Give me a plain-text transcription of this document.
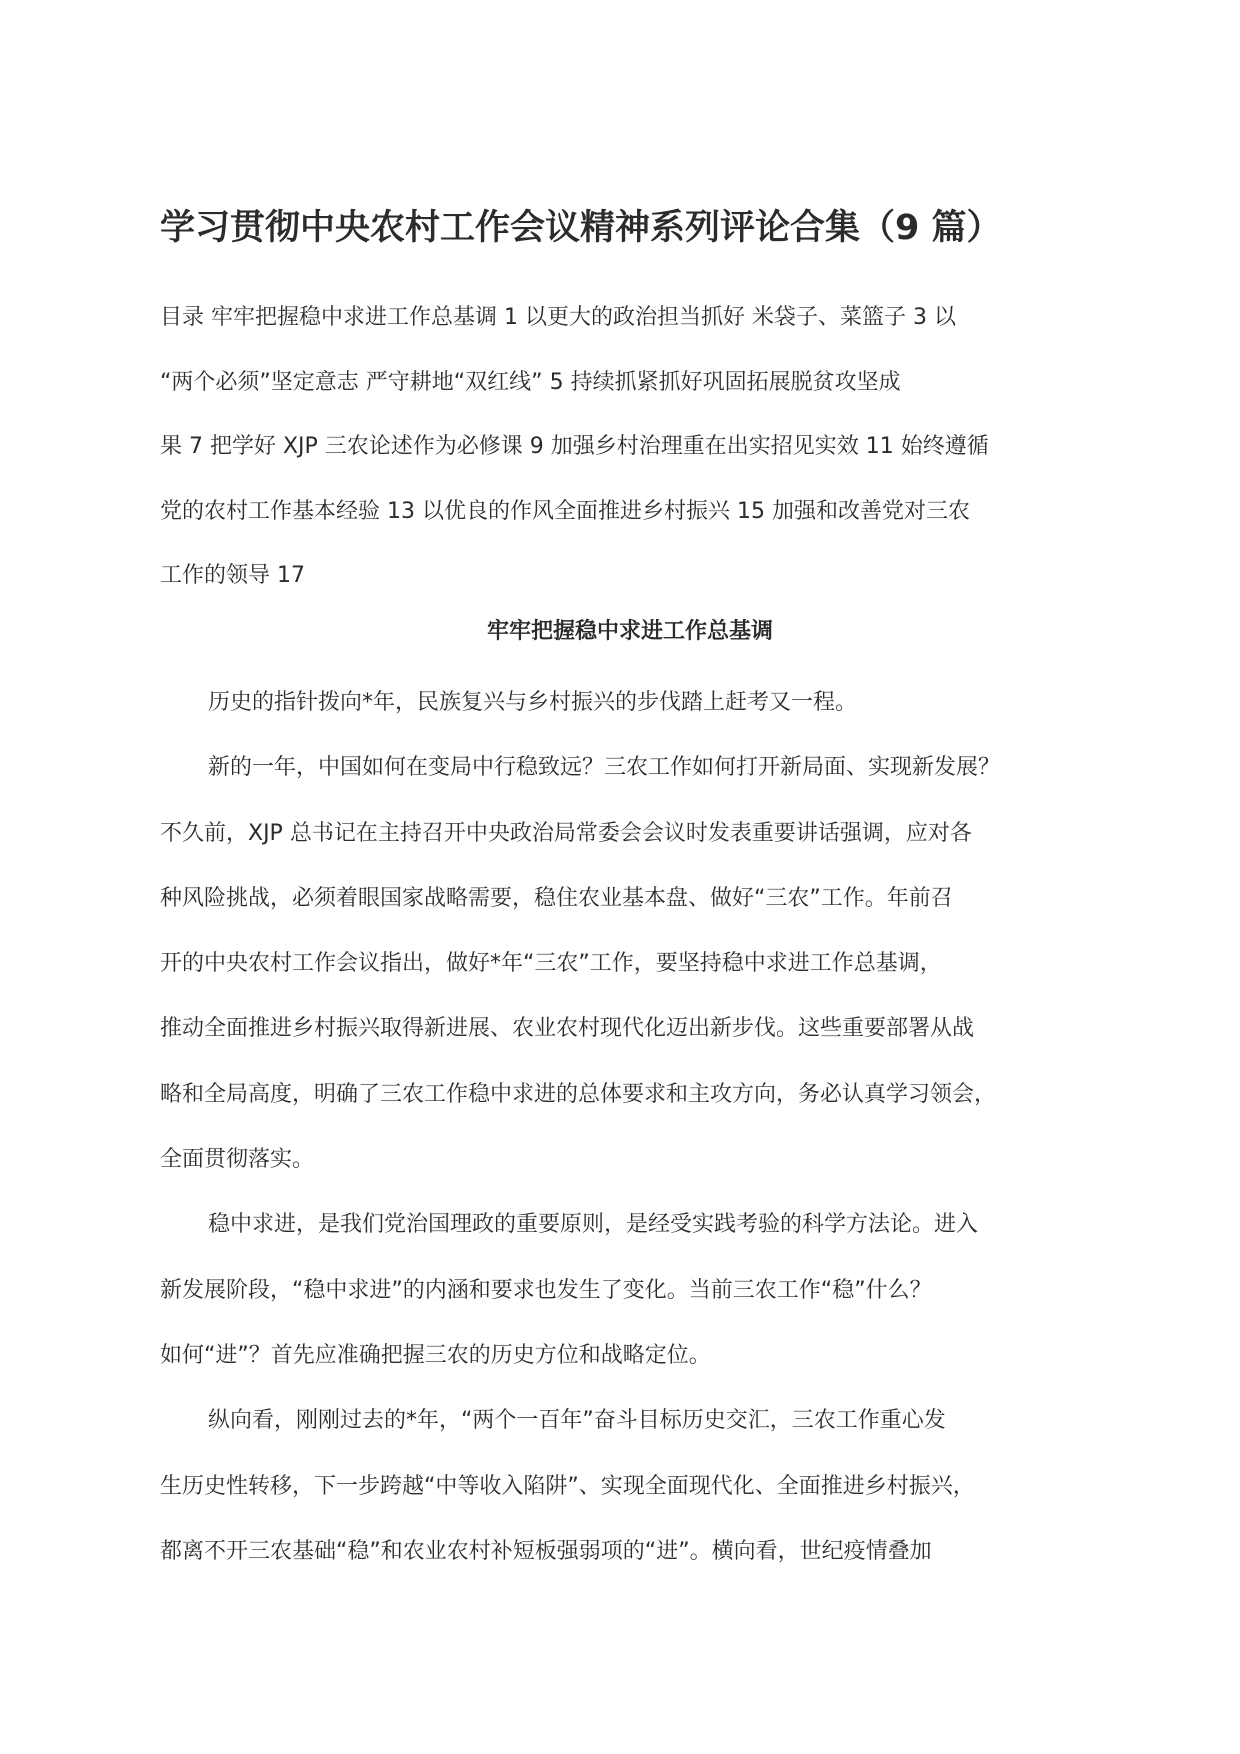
学习贯彻中央农村工作会议精神系列评论合集（9 篇）
目录 牢牢把握稳中求进工作总基调 1 以更大的政治担当抓好 米袋子、菜篮子 3 以
“两个必须”坚定意志 严守耕地“双红线” 5 持续抓紧抓好巩固拓展脱贫攻坚成
果 7 把学好 XJP 三农论述作为必修课 9 加强乡村治理重在出实招见实效 11 始终遵循
党的农村工作基本经验 13 以优良的作风全面推进乡村振兴 15 加强和改善党对三农
工作的领导 17
牢牢把握稳中求进工作总基调
历史的指针拨向*年，民族复兴与乡村振兴的步伐踏上赶考又一程。
新的一年，中国如何在变局中行稳致远？三农工作如何打开新局面、实现新发展？
不久前，XJP 总书记在主持召开中央政治局常委会会议时发表重要讲话强调，应对各
种风险挑战，必须着眼国家战略需要，稳住农业基本盘、做好“三农”工作。年前召
开的中央农村工作会议指出，做好*年“三农”工作，要坚持稳中求进工作总基调，
推动全面推进乡村振兴取得新进展、农业农村现代化迈出新步伐。这些重要部署从战
略和全局高度，明确了三农工作稳中求进的总体要求和主攻方向，务必认真学习领会，
全面贯彻落实。
稳中求进，是我们党治国理政的重要原则，是经受实践考验的科学方法论。进入
新发展阶段，“稳中求进”的内涵和要求也发生了变化。当前三农工作“稳”什么？
如何“进”？首先应准确把握三农的历史方位和战略定位。
纵向看，刚刚过去的*年，“两个一百年”奋斗目标历史交汇，三农工作重心发
生历史性转移，下一步跨越“中等收入陷阱”、实现全面现代化、全面推进乡村振兴，
都离不开三农基础“稳”和农业农村补短板强弱项的“进”。横向看，世纪疫情叠加
